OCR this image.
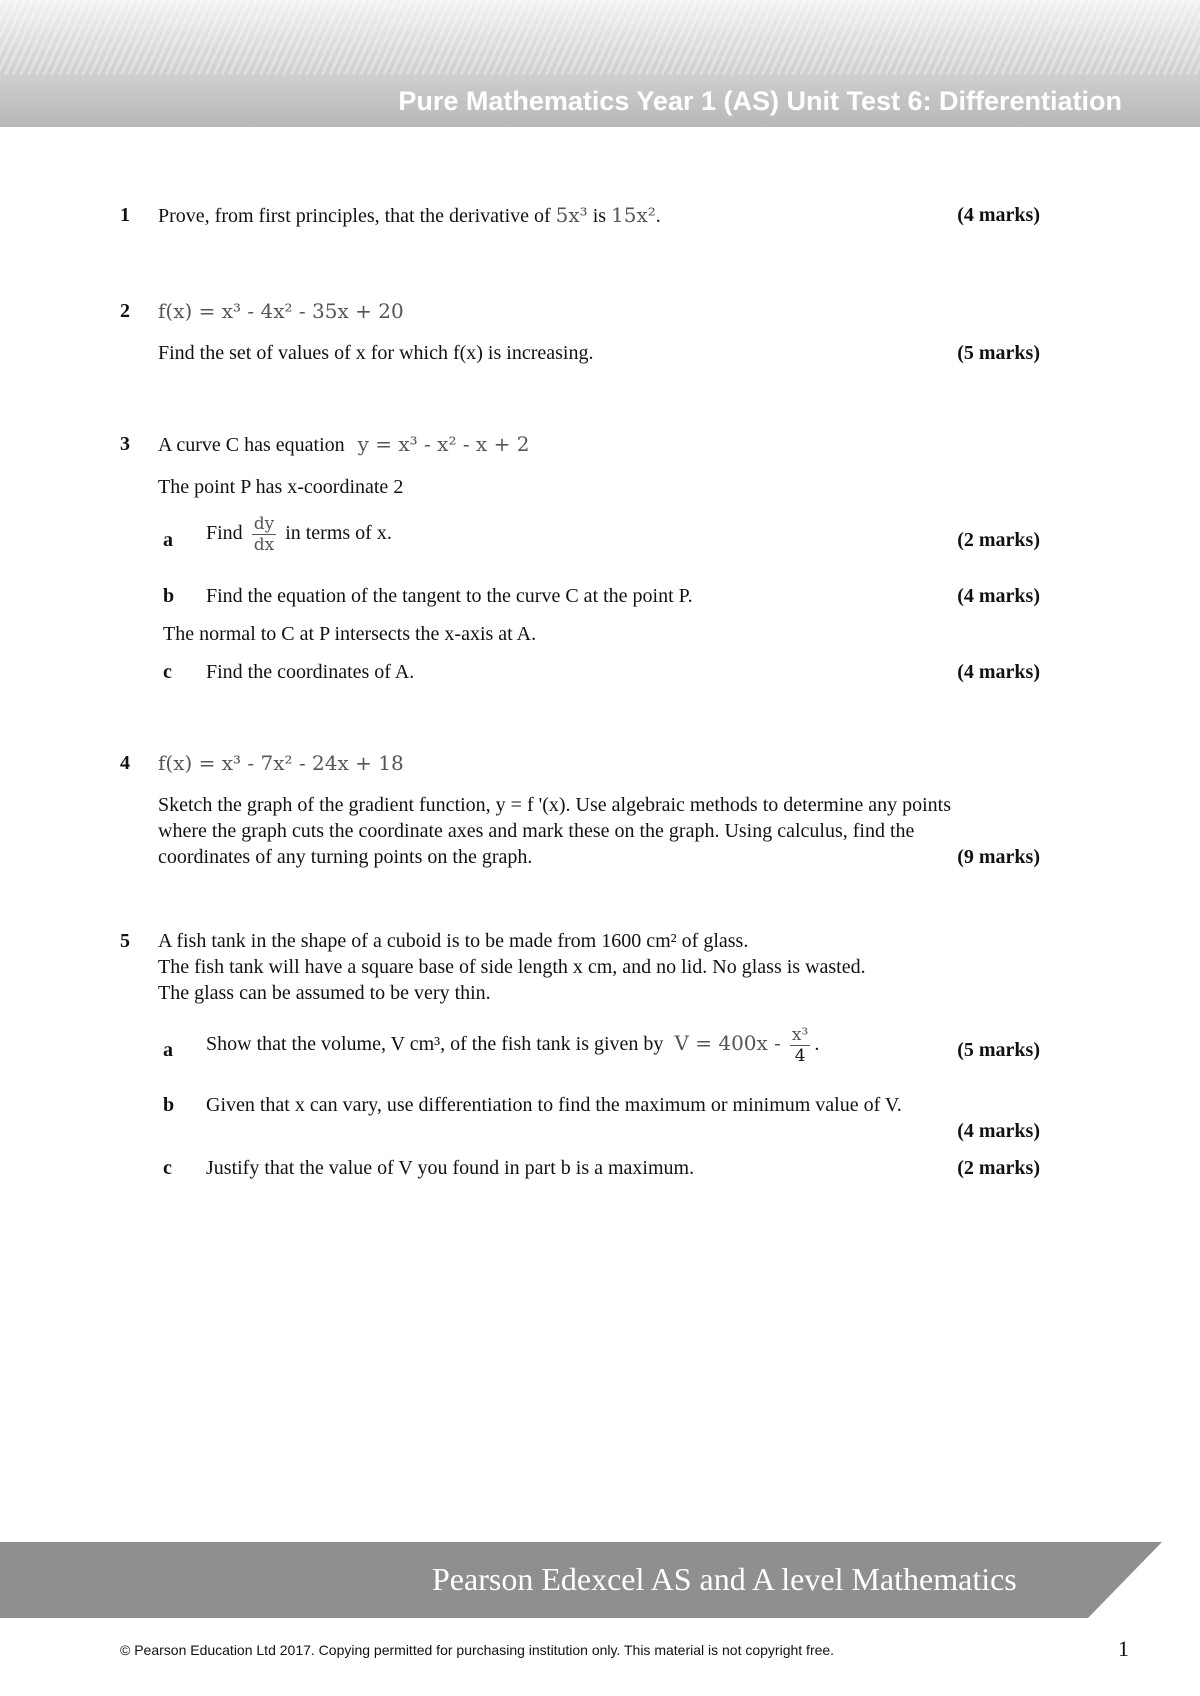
Pure Mathematics Year 1 (AS) Unit Test 6: Differentiation
1 Prove, from first principles, that the derivative of 5x³ is 15x².	(4 marks)
2 f(x) = x³ - 4x² - 35x + 20
Find the set of values of x for which f(x) is increasing.	(5 marks)
3 A curve C has equation y = x³ - x² - x + 2
The point P has x-coordinate 2
a Find $\frac{dy}{dx}$ in terms of x.	(2 marks)
b Find the equation of the tangent to the curve C at the point P.	(4 marks)
The normal to C at P intersects the x-axis at A.
c Find the coordinates of A.	(4 marks)
4 f(x) = x³ - 7x² - 24x + 18
Sketch the graph of the gradient function, y = f '(x). Use algebraic methods to determine any points
where the graph cuts the coordinate axes and mark these on the graph. Using calculus, find the
coordinates of any turning points on the graph.	(9 marks)
5 A fish tank in the shape of a cuboid is to be made from 1600 cm² of glass.
The fish tank will have a square base of side length x cm, and no lid. No glass is wasted.
The glass can be assumed to be very thin.
a Show that the volume, V cm³, of the fish tank is given by $V = 400x - \frac{\text{x³}}{4}$ .	(5 marks)
b Given that x can vary, use differentiation to find the maximum or minimum value of V.
(4 marks)
c Justify that the value of V you found in part b is a maximum.	(2 marks)
Pearson Edexcel AS and A level Mathematics
© Pearson Education Ltd 2017. Copying permitted for purchasing institution only. This material is not copyright free.	1
